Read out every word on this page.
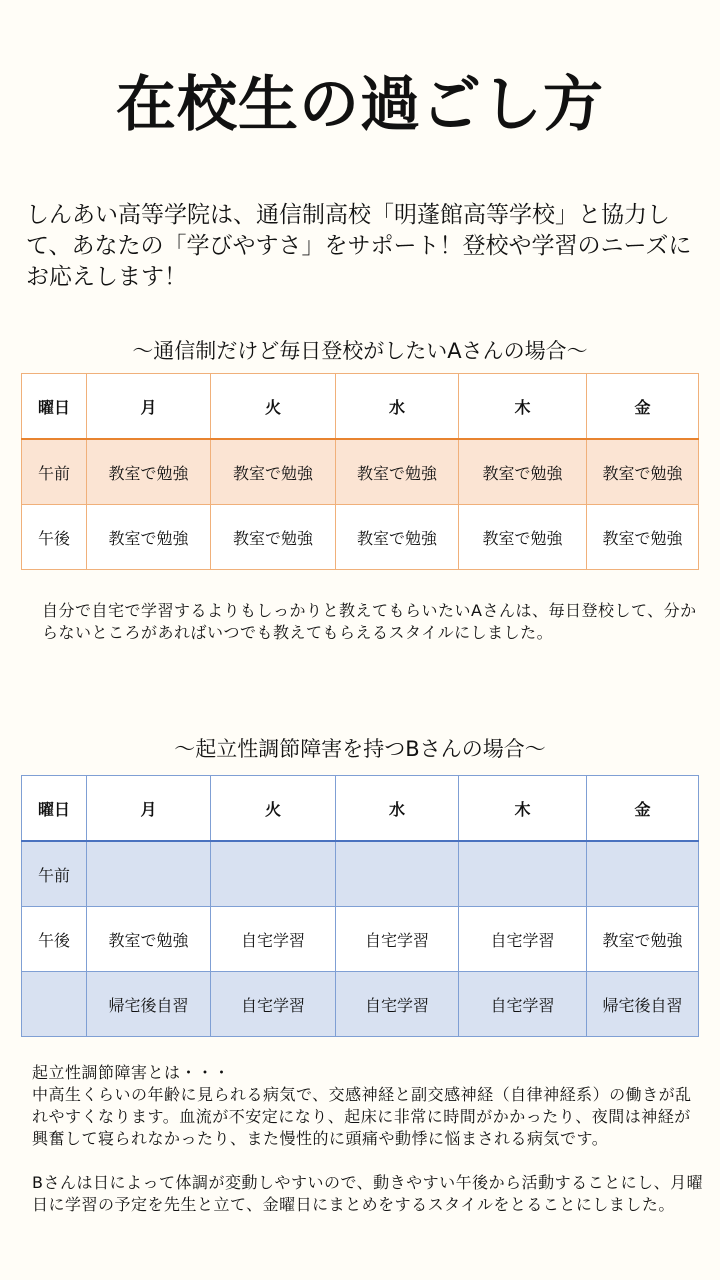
在校生の過ごし方
しんあい高等学院は、通信制高校「明蓬館高等学校」と協力して、あなたの「学びやすさ」をサポート！登校や学習のニーズにお応えします！
～通信制だけど毎日登校がしたいAさんの場合～
曜日	月	火	水	木	金
午前	教室で勉強	教室で勉強	教室で勉強	教室で勉強	教室で勉強
午後	教室で勉強	教室で勉強	教室で勉強	教室で勉強	教室で勉強
自分で自宅で学習するよりもしっかりと教えてもらいたいAさんは、毎日登校して、分からないところがあればいつでも教えてもらえるスタイルにしました。
～起立性調節障害を持つBさんの場合～
曜日	月	火	水	木	金
午前					
午後	教室で勉強	自宅学習	自宅学習	自宅学習	教室で勉強
	帰宅後自習	自宅学習	自宅学習	自宅学習	帰宅後自習

起立性調節障害とは・・・

中高生くらいの年齢に見られる病気で、交感神経と副交感神経（自律神経系）の働きが乱れやすくなります。血流が不安定になり、起床に非常に時間がかかったり、夜間は神経が興奮して寝られなかったり、また慢性的に頭痛や動悸に悩まされる病気です。

Bさんは日によって体調が変動しやすいので、動きやすい午後から活動することにし、月曜日に学習の予定を先生と立て、金曜日にまとめをするスタイルをとることにしました。
